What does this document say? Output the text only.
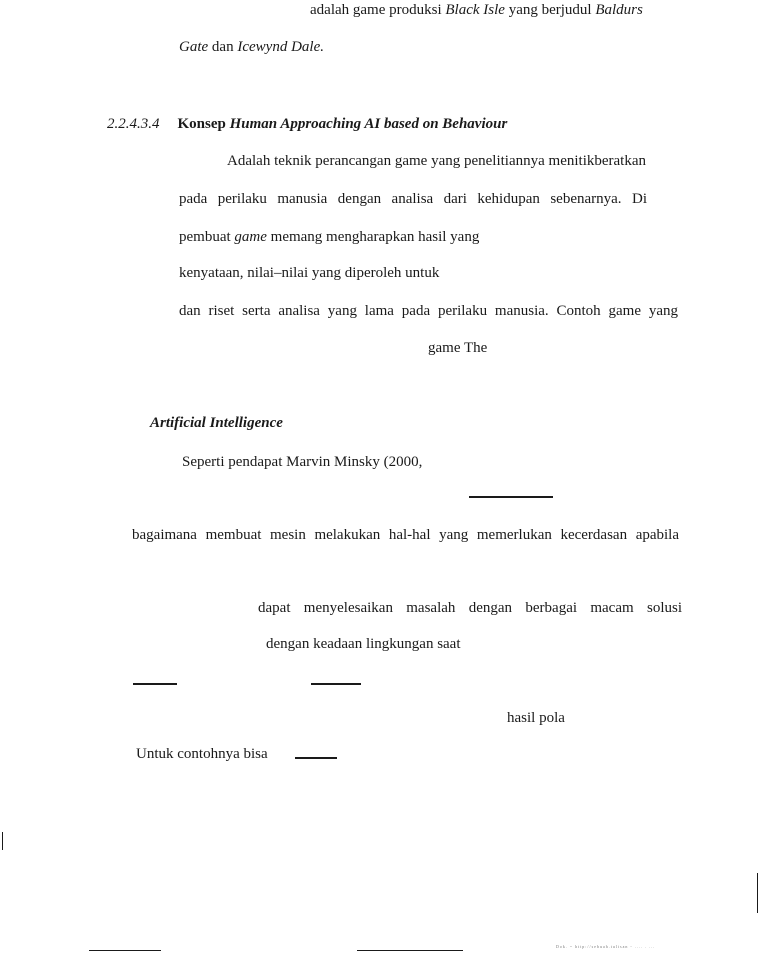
adalah game produksi Black Isle yang berjudul Baldurs
Gate dan Icewynd Dale.
2.2.4.3.4 Konsep Human Approaching AI based on Behaviour
Adalah teknik perancangan game yang penelitiannya menitikberatkan
pada perilaku manusia dengan analisa dari kehidupan sebenarnya. Di
pembuat game memang mengharapkan hasil yang
kenyataan, nilai–nilai yang diperoleh untuk
dan riset serta analisa yang lama pada perilaku manusia. Contoh game yang
game The
Artificial Intelligence
Seperti pendapat Marvin Minsky (2000,
bagaimana membuat mesin melakukan hal-hal yang memerlukan kecerdasan apabila
dapat menyelesaikan masalah dengan berbagai macam solusi
dengan keadaan lingkungan saat
hasil pola
Untuk contohnya bisa
Dok. ~ http://sebuah.tulisan - .... . ...
